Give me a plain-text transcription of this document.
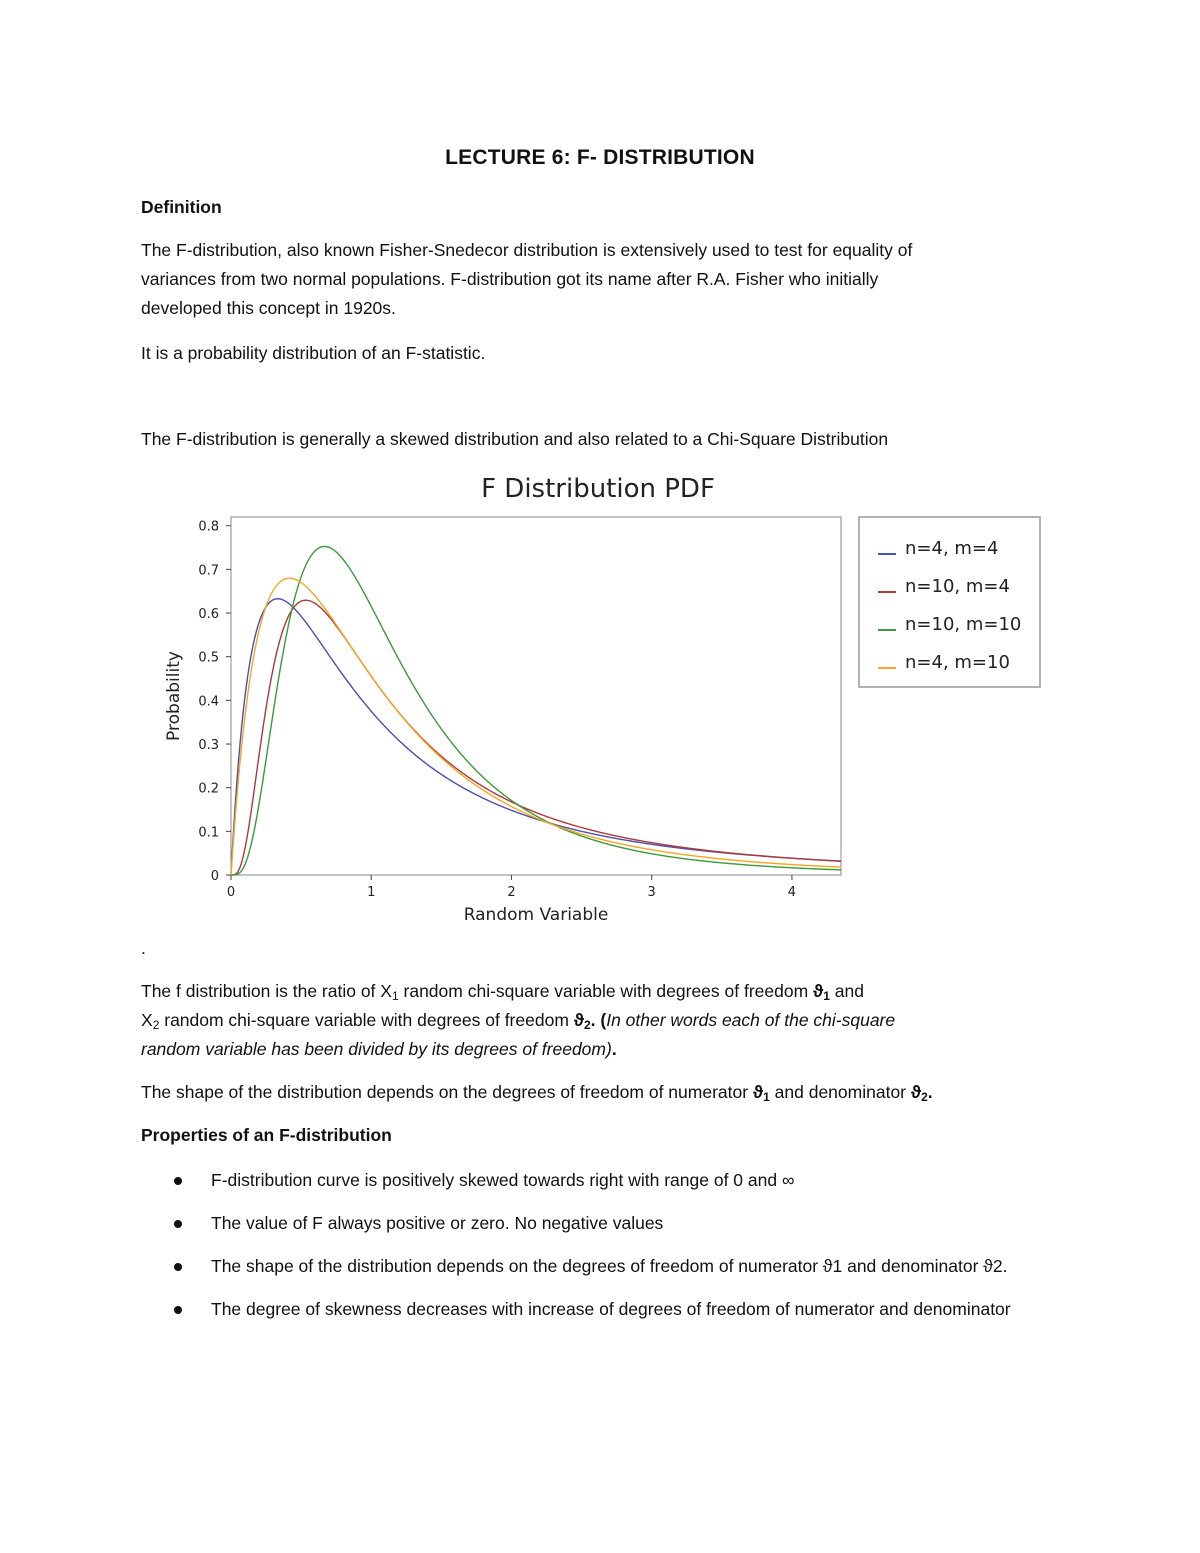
LECTURE 6: F- DISTRIBUTION

Definition

The F-distribution, also known Fisher-Snedecor distribution is extensively used to test for equality of

variances from two normal populations. F-distribution got its name after R.A. Fisher who initially

developed this concept in 1920s.

It is a probability distribution of an F-statistic.

The F-distribution is generally a skewed distribution and also related to a Chi-Square Distribution

F Distribution PDF
0	1	2	3	4
0
0.1
0.2
0.3
0.4
0.5
0.6
0.7
0.8
Random Variable
Probability
n=4, m=4
n=10, m=4
n=10, m=10
n=4, m=10

.

The f distribution is the ratio of $X_1$ random chi-square variable with degrees of freedom $ϑ_1$ and

$X_2$ random chi-square variable with degrees of freedom $ϑ_2$. (In other words each of the chi-square

random variable has been divided by its degrees of freedom).

The shape of the distribution depends on the degrees of freedom of numerator $ϑ_1$ and denominator $ϑ_2$.

Properties of an F-distribution

F-distribution curve is positively skewed towards right with range of 0 and ∞
The value of F always positive or zero. No negative values
The shape of the distribution depends on the degrees of freedom of numerator ϑ1 and denominator ϑ2.
The degree of skewness decreases with increase of degrees of freedom of numerator and denominator
